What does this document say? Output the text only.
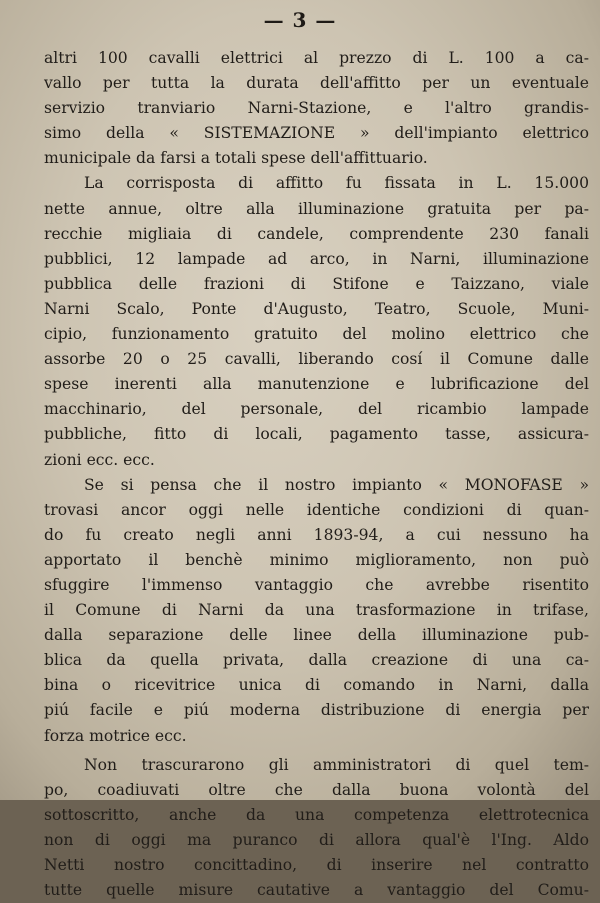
— 3 —
altri 100 cavalli elettrici al prezzo di L. 100 a ca-
vallo per tutta la durata dell'affitto per un eventuale
servizio tranviario Narni-Stazione, e l'altro grandis-
simo della « SISTEMAZIONE » dell'impianto elettrico
municipale da farsi a totali spese dell'affittuario.
La corrisposta di affitto fu fissata in L. 15.000
nette annue, oltre alla illuminazione gratuita per pa-
recchie migliaia di candele, comprendente 230 fanali
pubblici, 12 lampade ad arco, in Narni, illuminazione
pubblica delle frazioni di Stifone e Taizzano, viale
Narni Scalo, Ponte d'Augusto, Teatro, Scuole, Muni-
cipio, funzionamento gratuito del molino elettrico che
assorbe 20 o 25 cavalli, liberando cosí il Comune dalle
spese inerenti alla manutenzione e lubrificazione del
macchinario, del personale, del ricambio lampade
pubbliche, fitto di locali, pagamento tasse, assicura-
zioni ecc. ecc.
Se si pensa che il nostro impianto « MONOFASE »
trovasi ancor oggi nelle identiche condizioni di quan-
do fu creato negli anni 1893-94, a cui nessuno ha
apportato il benchè minimo miglioramento, non può
sfuggire l'immenso vantaggio che avrebbe risentito
il Comune di Narni da una trasformazione in trifase,
dalla separazione delle linee della illuminazione pub-
blica da quella privata, dalla creazione di una ca-
bina o ricevitrice unica di comando in Narni, dalla
piú facile e piú moderna distribuzione di energia per
forza motrice ecc.
Non trascurarono gli amministratori di quel tem-
po, coadiuvati oltre che dalla buona volontà del
sottoscritto, anche da una competenza elettrotecnica
non di oggi ma puranco di allora qual'è l'Ing. Aldo
Netti nostro concittadino, di inserire nel contratto
tutte quelle misure cautative a vantaggio del Comu-
